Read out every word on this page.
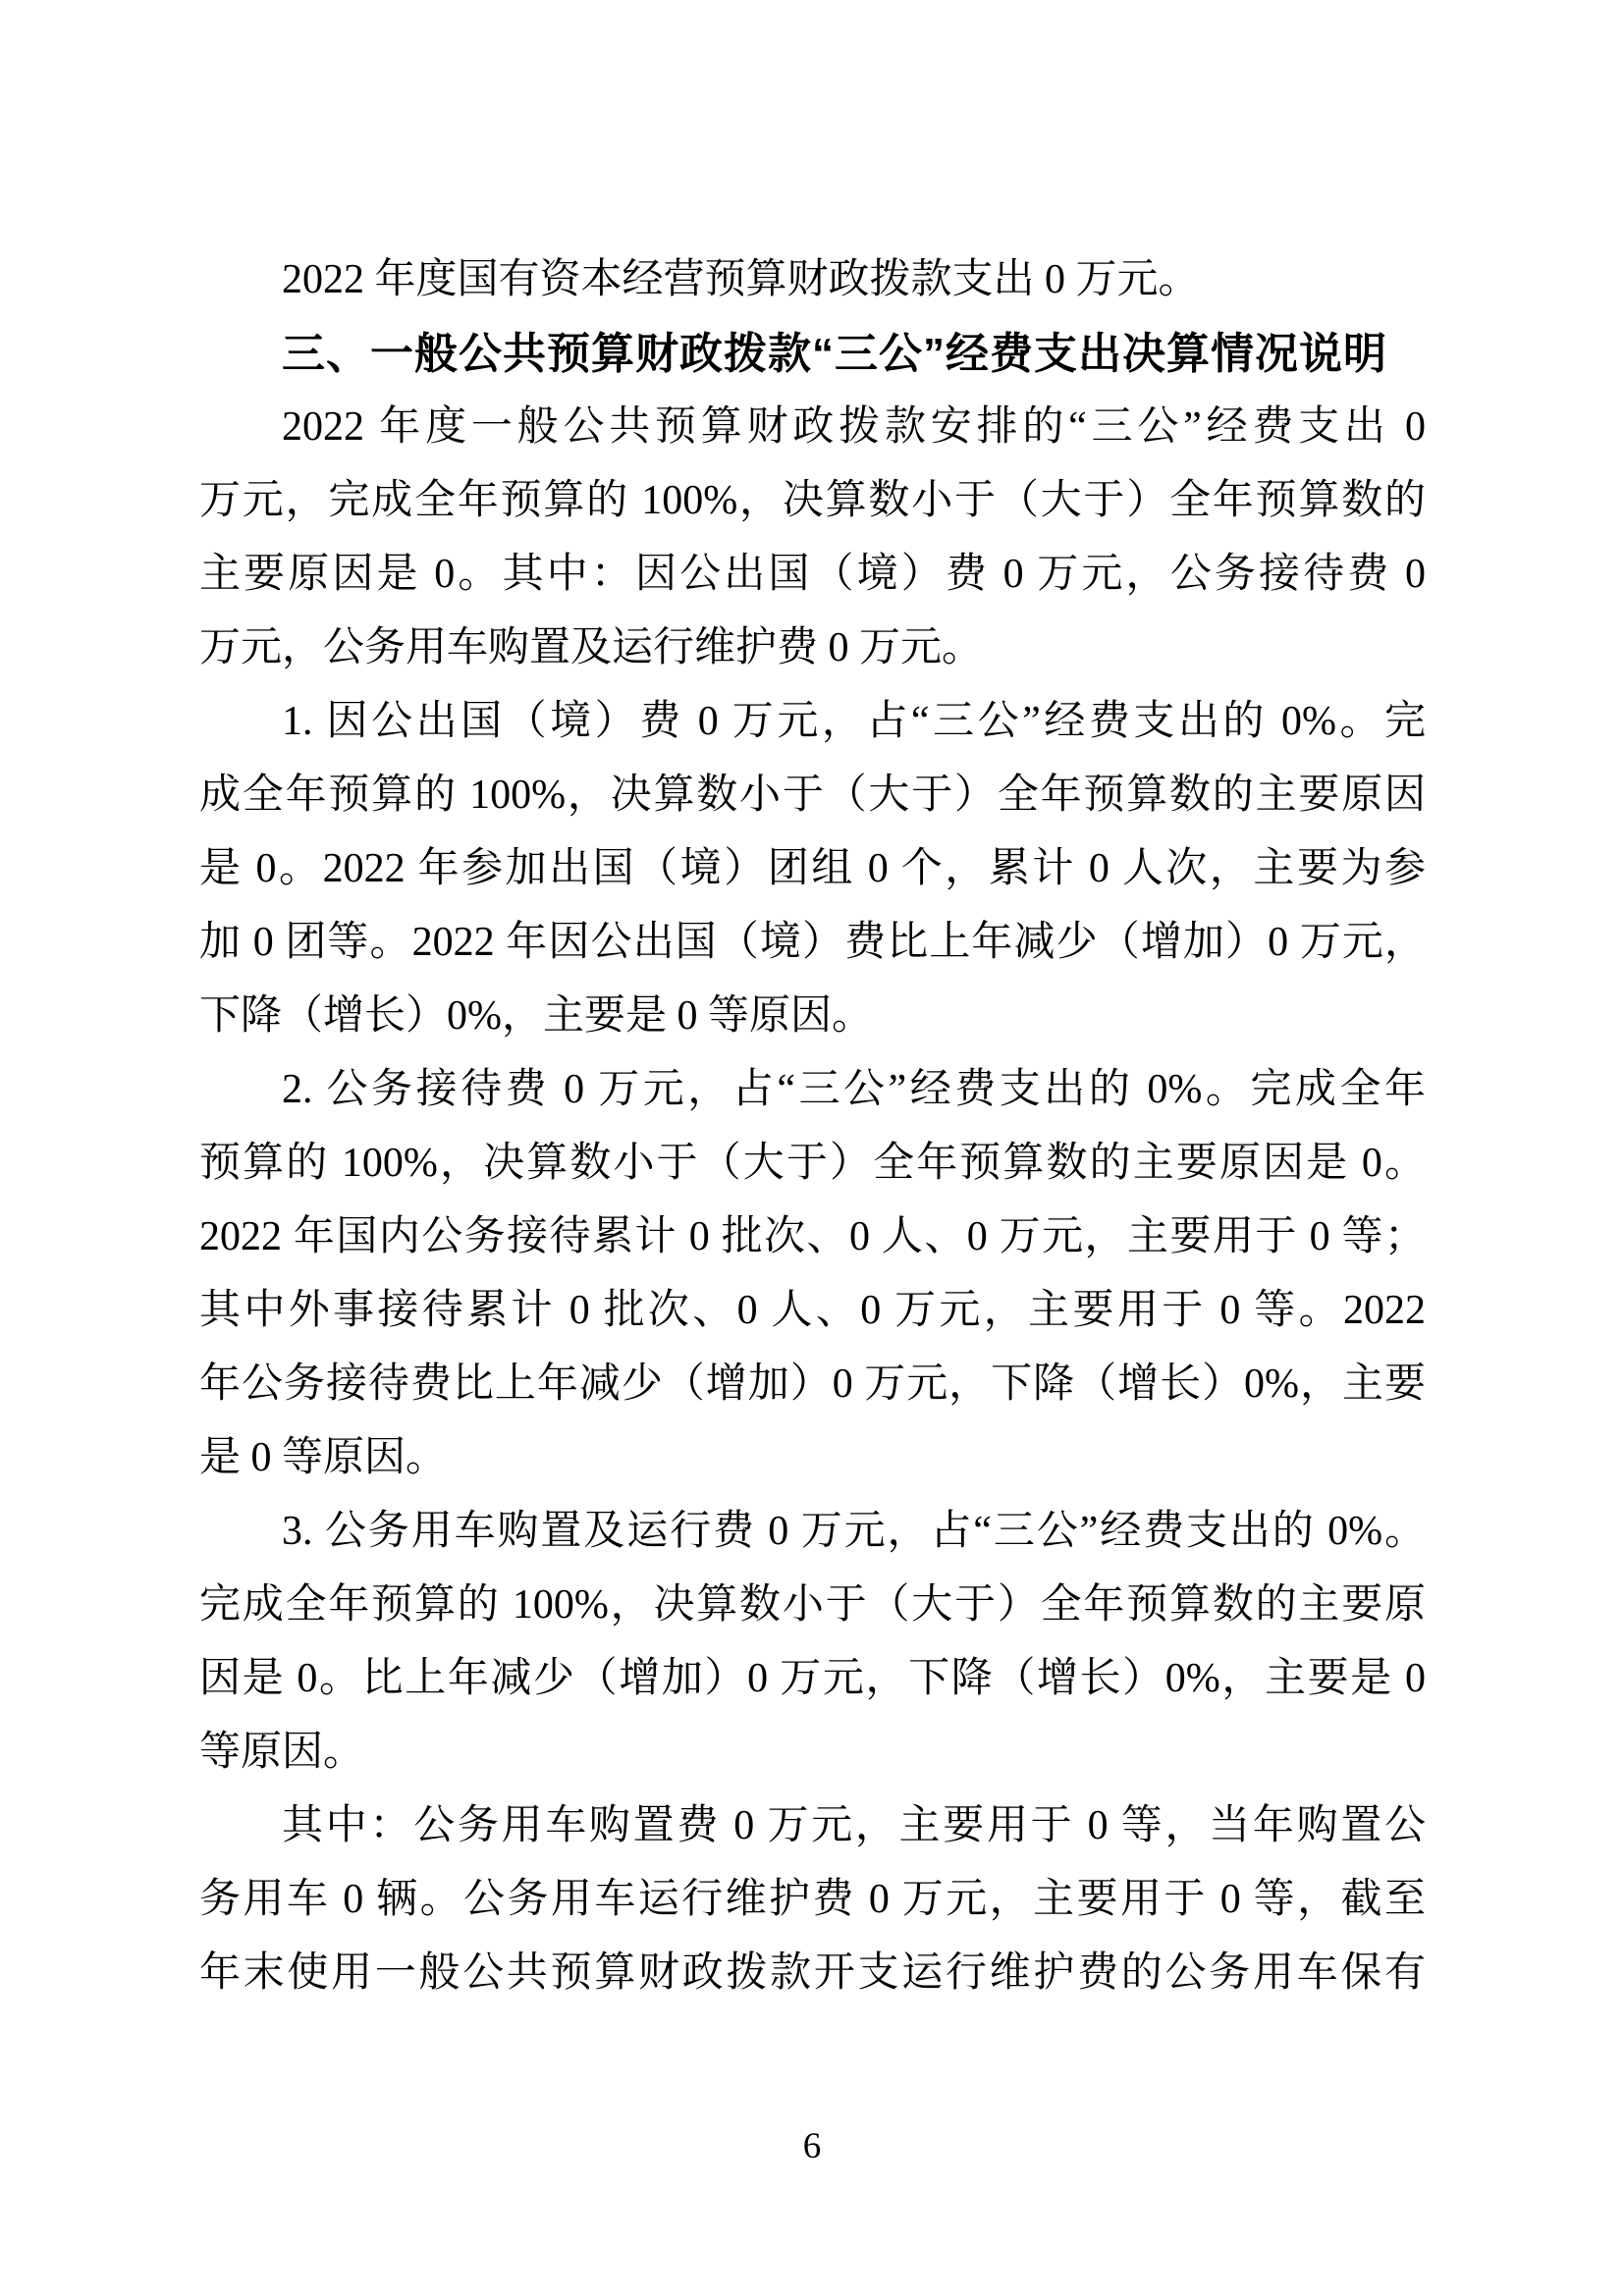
2022 年度国有资本经营预算财政拨款支出 0 万元。
三、一般公共预算财政拨款“三公”经费支出决算情况说明
2022 年度一般公共预算财政拨款安排的“三公”经费支出 0
万元，完成全年预算的 100%，决算数小于（大于）全年预算数的
主要原因是 0。其中：因公出国（境）费 0 万元，公务接待费 0
万元，公务用车购置及运行维护费 0 万元。
1. 因公出国（境）费 0 万元，占“三公”经费支出的 0%。完
成全年预算的 100%，决算数小于（大于）全年预算数的主要原因
是 0。2022 年参加出国（境）团组 0 个，累计 0 人次，主要为参
加 0 团等。2022 年因公出国（境）费比上年减少（增加）0 万元，
下降（增长）0%，主要是 0 等原因。
2. 公务接待费 0 万元，占“三公”经费支出的 0%。完成全年
预算的 100%，决算数小于（大于）全年预算数的主要原因是 0。
2022 年国内公务接待累计 0 批次、0 人、0 万元，主要用于 0 等；
其中外事接待累计 0 批次、0 人、0 万元，主要用于 0 等。2022
年公务接待费比上年减少（增加）0 万元，下降（增长）0%，主要
是 0 等原因。
3. 公务用车购置及运行费 0 万元，占“三公”经费支出的 0%。
完成全年预算的 100%，决算数小于（大于）全年预算数的主要原
因是 0。比上年减少（增加）0 万元，下降（增长）0%，主要是 0
等原因。
其中：公务用车购置费 0 万元，主要用于 0 等，当年购置公
务用车 0 辆。公务用车运行维护费 0 万元，主要用于 0 等，截至
年末使用一般公共预算财政拨款开支运行维护费的公务用车保有
6
